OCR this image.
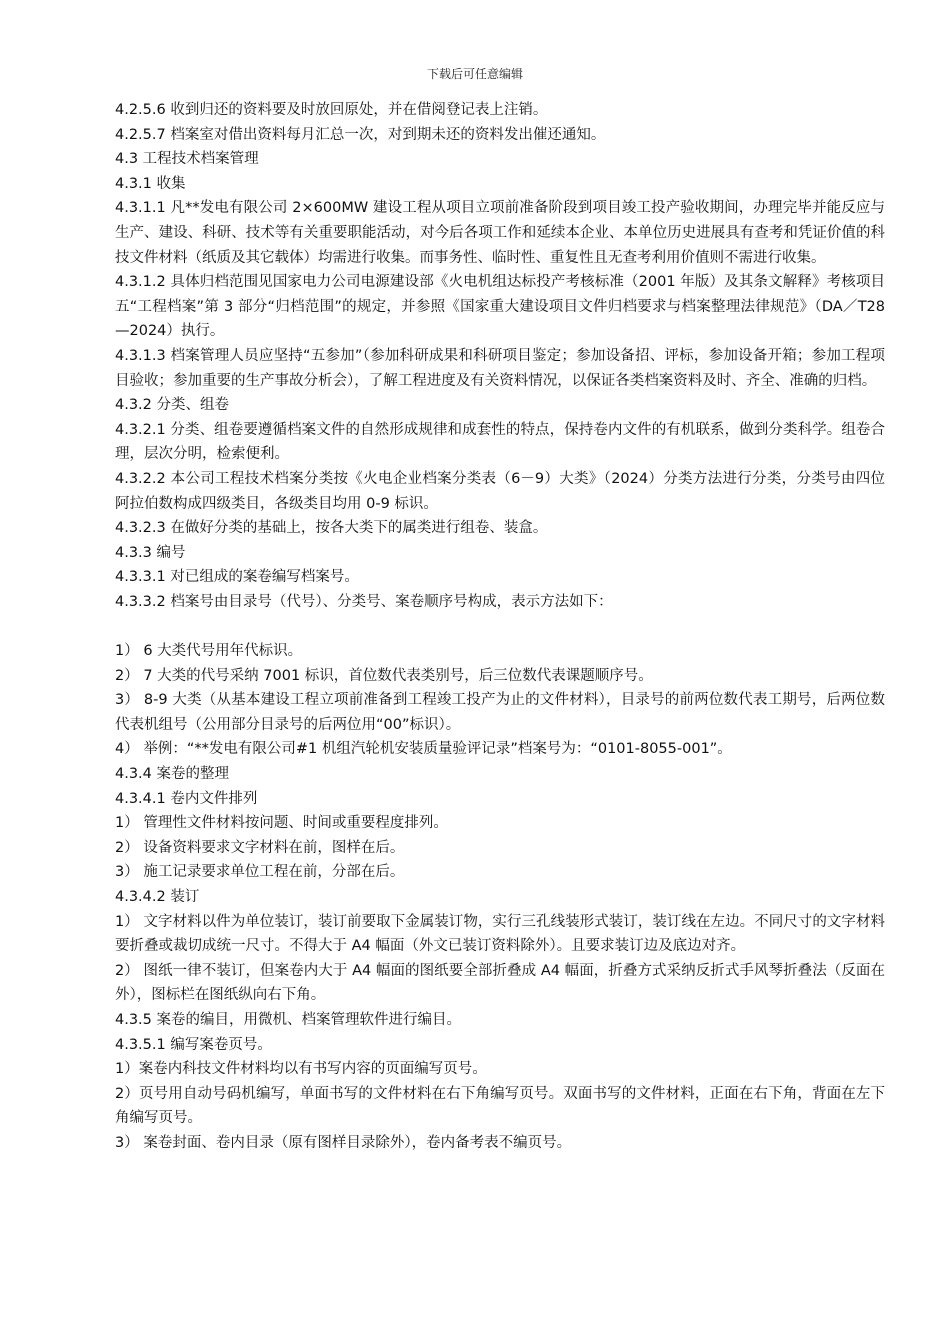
下载后可任意编辑

4.2.5.6 收到归还的资料要及时放回原处，并在借阅登记表上注销。

4.2.5.7 档案室对借出资料每月汇总一次，对到期未还的资料发出催还通知。

4.3 工程技术档案管理

4.3.1 收集

4.3.1.1 凡**发电有限公司 2×600MW 建设工程从项目立项前准备阶段到项目竣工投产验收期间，办理完毕并能反应与生产、建设、科研、技术等有关重要职能活动，对今后各项工作和延续本企业、本单位历史进展具有查考和凭证价值的科技文件材料（纸质及其它载体）均需进行收集。而事务性、临时性、重复性且无查考利用价值则不需进行收集。

4.3.1.2 具体归档范围见国家电力公司电源建设部《火电机组达标投产考核标准（2001 年版）及其条文解释》考核项目五“工程档案”第 3 部分“归档范围”的规定，并参照《国家重大建设项目文件归档要求与档案整理法律规范》（DA／T28—2024）执行。

4.3.1.3 档案管理人员应坚持“五参加”（参加科研成果和科研项目鉴定；参加设备招、评标，参加设备开箱；参加工程项目验收；参加重要的生产事故分析会），了解工程进度及有关资料情况，以保证各类档案资料及时、齐全、准确的归档。

4.3.2 分类、组卷

4.3.2.1 分类、组卷要遵循档案文件的自然形成规律和成套性的特点，保持卷内文件的有机联系，做到分类科学。组卷合理，层次分明，检索便利。

4.3.2.2 本公司工程技术档案分类按《火电企业档案分类表（6－9）大类》（2024）分类方法进行分类，分类号由四位阿拉伯数构成四级类目，各级类目均用 0-9 标识。

4.3.2.3 在做好分类的基础上，按各大类下的属类进行组卷、装盒。

4.3.3 编号

4.3.3.1 对已组成的案卷编写档案号。

4.3.3.2 档案号由目录号（代号）、分类号、案卷顺序号构成，表示方法如下：

1） 6 大类代号用年代标识。

2） 7 大类的代号采纳 7001 标识，首位数代表类别号，后三位数代表课题顺序号。

3） 8-9 大类（从基本建设工程立项前准备到工程竣工投产为止的文件材料），目录号的前两位数代表工期号，后两位数代表机组号（公用部分目录号的后两位用“00”标识）。

4） 举例：“**发电有限公司#1 机组汽轮机安装质量验评记录”档案号为：“0101-8055-001”。

4.3.4 案卷的整理

4.3.4.1 卷内文件排列

1） 管理性文件材料按问题、时间或重要程度排列。

2） 设备资料要求文字材料在前，图样在后。

3） 施工记录要求单位工程在前，分部在后。

4.3.4.2 装订

1） 文字材料以件为单位装订，装订前要取下金属装订物，实行三孔线装形式装订，装订线在左边。不同尺寸的文字材料要折叠或裁切成统一尺寸。不得大于 A4 幅面（外文已装订资料除外）。且要求装订边及底边对齐。

2） 图纸一律不装订，但案卷内大于 A4 幅面的图纸要全部折叠成 A4 幅面，折叠方式采纳反折式手风琴折叠法（反面在外），图标栏在图纸纵向右下角。

4.3.5 案卷的编目，用微机、档案管理软件进行编目。

4.3.5.1 编写案卷页号。

1）案卷内科技文件材料均以有书写内容的页面编写页号。

2）页号用自动号码机编写，单面书写的文件材料在右下角编写页号。双面书写的文件材料，正面在右下角，背面在左下角编写页号。

3） 案卷封面、卷内目录（原有图样目录除外），卷内备考表不编页号。
